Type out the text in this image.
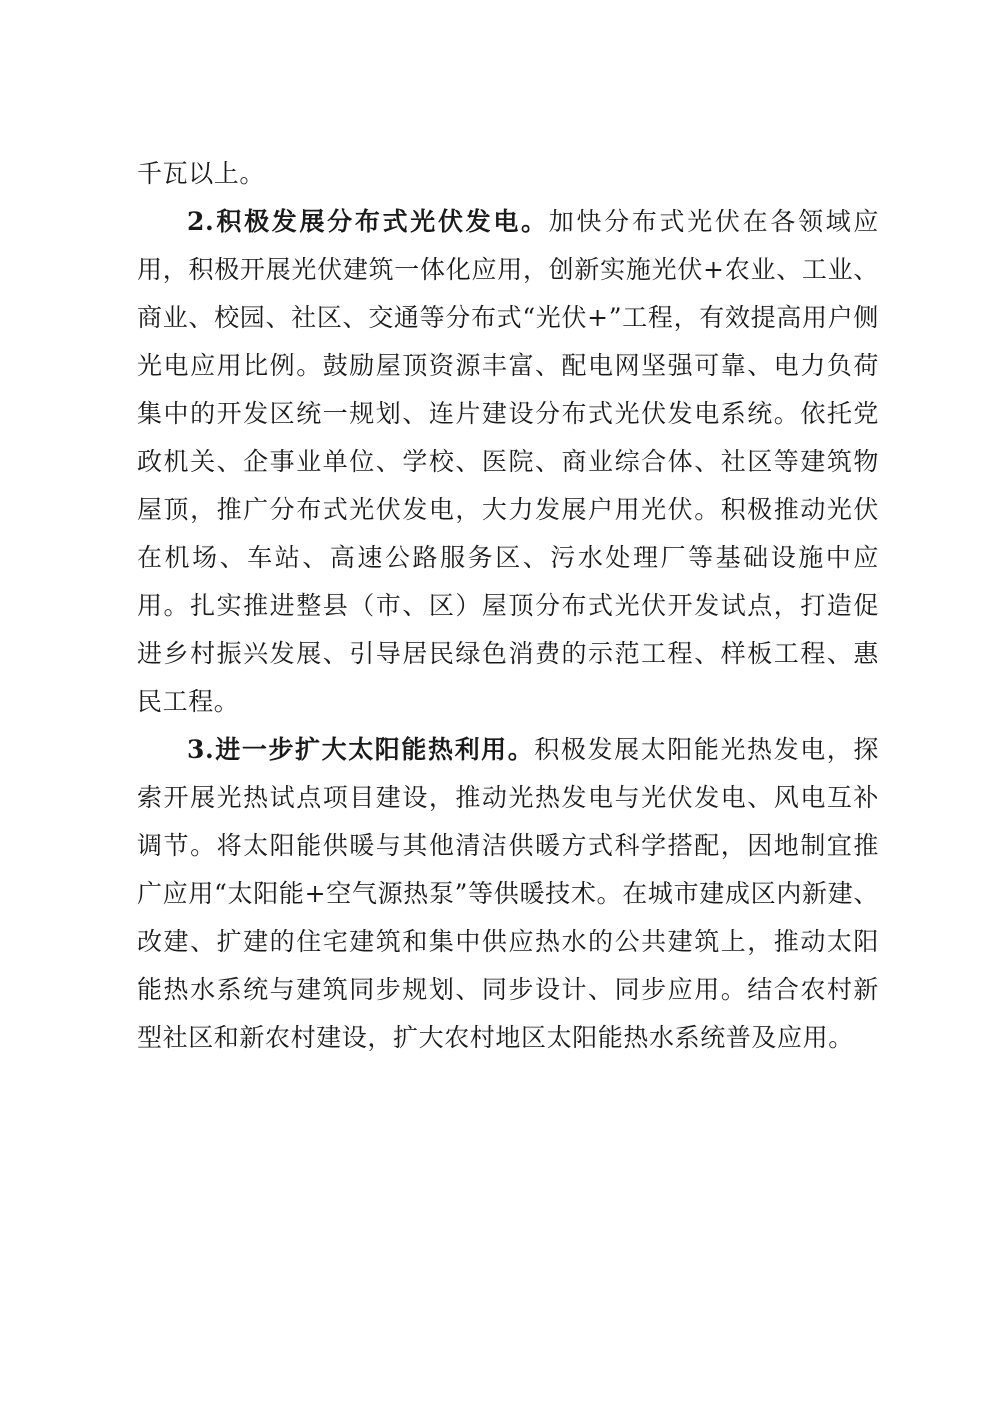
千瓦以上。

2.积极发展分布式光伏发电。加快分布式光伏在各领域应用，积极开展光伏建筑一体化应用，创新实施光伏+农业、工业、商业、校园、社区、交通等分布式“光伏+”工程，有效提高用户侧光电应用比例。鼓励屋顶资源丰富、配电网坚强可靠、电力负荷集中的开发区统一规划、连片建设分布式光伏发电系统。依托党政机关、企事业单位、学校、医院、商业综合体、社区等建筑物屋顶，推广分布式光伏发电，大力发展户用光伏。积极推动光伏在机场、车站、高速公路服务区、污水处理厂等基础设施中应用。扎实推进整县（市、区）屋顶分布式光伏开发试点，打造促进乡村振兴发展、引导居民绿色消费的示范工程、样板工程、惠民工程。

3.进一步扩大太阳能热利用。积极发展太阳能光热发电，探索开展光热试点项目建设，推动光热发电与光伏发电、风电互补调节。将太阳能供暖与其他清洁供暖方式科学搭配，因地制宜推广应用“太阳能+空气源热泵”等供暖技术。在城市建成区内新建、改建、扩建的住宅建筑和集中供应热水的公共建筑上，推动太阳能热水系统与建筑同步规划、同步设计、同步应用。结合农村新型社区和新农村建设，扩大农村地区太阳能热水系统普及应用。
